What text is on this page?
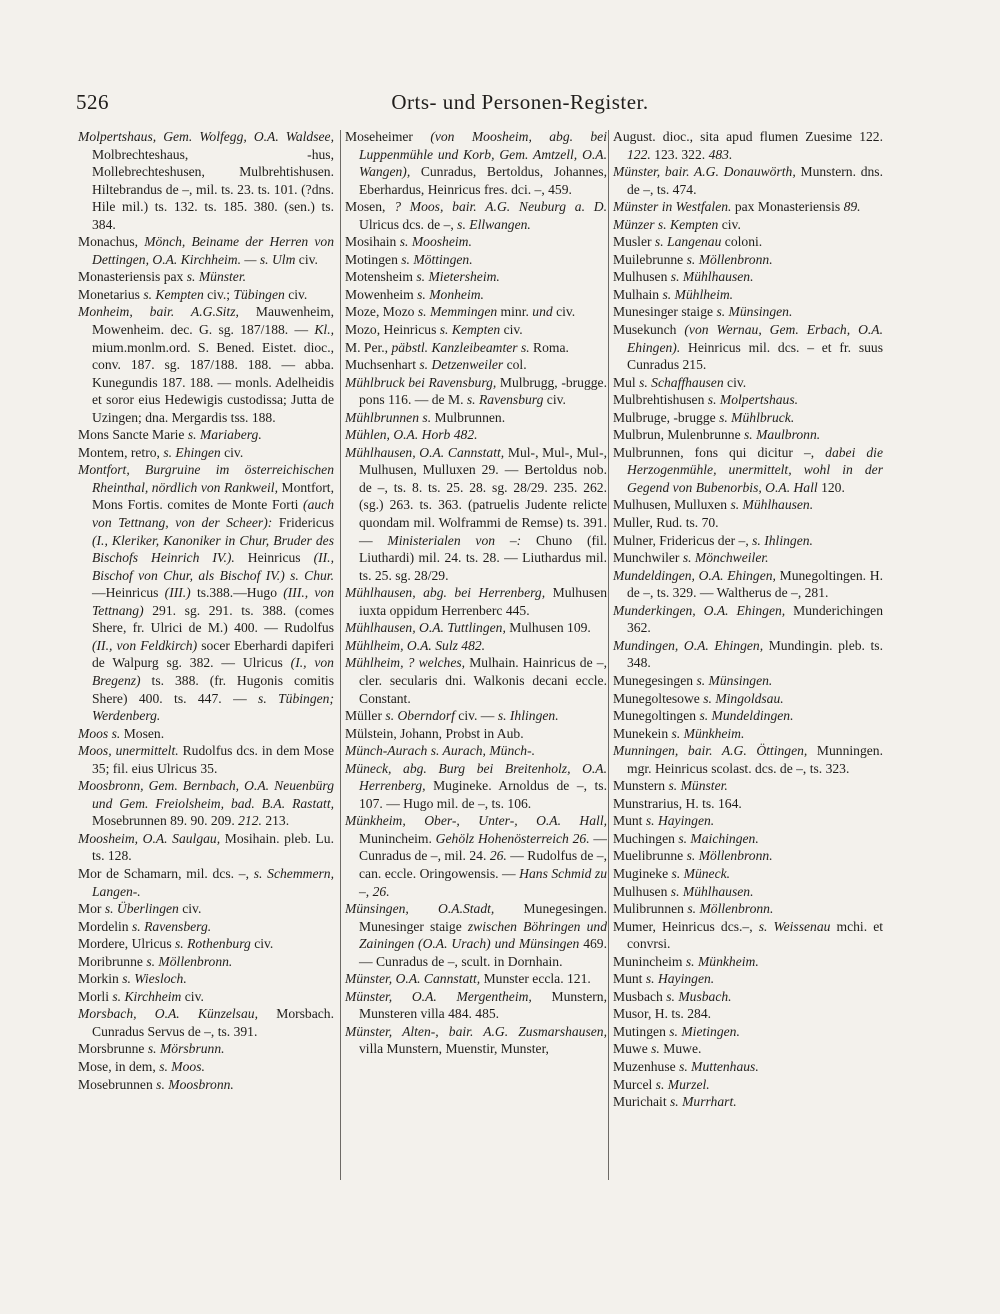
526	Orts- und Personen-Register.

Molpertshaus, Gem. Wolfegg, O.A. Waldsee, Molbrechteshaus, -hus, Mollebrechteshusen, Mulbrehtishusen. Hiltebrandus de –, mil. ts. 23. ts. 101. (?dns. Hile mil.) ts. 132. ts. 185. 380. (sen.) ts. 384.

Monachus, Mönch, Beiname der Herren von Dettingen, O.A. Kirchheim. — s. Ulm civ.

Monasteriensis pax s. Münster.

Monetarius s. Kempten civ.; Tübingen civ.

Monheim, bair. A.G.Sitz, Mauwenheim, Mowenheim. dec. G. sg. 187/188. — Kl., mium.monlm.ord. S. Bened. Eistet. dioc., conv. 187. sg. 187/188. 188. — abba. Kunegundis 187. 188. — monls. Adelheidis et soror eius Hedewigis custodissa; Jutta de Uzingen; dna. Mergardis tss. 188.

Mons Sancte Marie s. Mariaberg.

Montem, retro, s. Ehingen civ.

Montfort, Burgruine im österreichischen Rheinthal, nördlich von Rankweil, Montfort, Mons Fortis. comites de Monte Forti (auch von Tettnang, von der Scheer): Fridericus (I., Kleriker, Kanoniker in Chur, Bruder des Bischofs Heinrich IV.). Heinricus (II., Bischof von Chur, als Bischof IV.) s. Chur. —Heinricus (III.) ts.388.—Hugo (III., von Tettnang) 291. sg. 291. ts. 388. (comes Shere, fr. Ulrici de M.) 400. — Rudolfus (II., von Feldkirch) socer Eberhardi dapiferi de Walpurg sg. 382. — Ulricus (I., von Bregenz) ts. 388. (fr. Hugonis comitis Shere) 400. ts. 447. — s. Tübingen; Werdenberg.

Moos s. Mosen.

Moos, unermittelt. Rudolfus dcs. in dem Mose 35; fil. eius Ulricus 35.

Moosbronn, Gem. Bernbach, O.A. Neuenbürg und Gem. Freiolsheim, bad. B.A. Rastatt, Mosebrunnen 89. 90. 209. 212. 213.

Moosheim, O.A. Saulgau, Mosihain. pleb. Lu. ts. 128.

Mor de Schamarn, mil. dcs. –, s. Schemmern, Langen-.

Mor s. Überlingen civ.

Mordelin s. Ravensberg.

Mordere, Ulricus s. Rothenburg civ.

Moribrunne s. Möllenbronn.

Morkin s. Wiesloch.

Morli s. Kirchheim civ.

Morsbach, O.A. Künzelsau, Morsbach. Cunradus Servus de –, ts. 391.

Morsbrunne s. Mörsbrunn.

Mose, in dem, s. Moos.

Mosebrunnen s. Moosbronn.

Moseheimer (von Moosheim, abg. bei Luppenmühle und Korb, Gem. Amtzell, O.A. Wangen), Cunradus, Bertoldus, Johannes, Eberhardus, Heinricus fres. dci. –, 459.

Mosen, ? Moos, bair. A.G. Neuburg a. D. Ulricus dcs. de –, s. Ellwangen.

Mosihain s. Moosheim.

Motingen s. Möttingen.

Motensheim s. Mietersheim.

Mowenheim s. Monheim.

Moze, Mozo s. Memmingen minr. und civ.

Mozo, Heinricus s. Kempten civ.

M. Per., päbstl. Kanzleibeamter s. Roma.

Muchsenhart s. Detzenweiler col.

Mühlbruck bei Ravensburg, Mulbrugg, -brugge. pons 116. — de M. s. Ravensburg civ.

Mühlbrunnen s. Mulbrunnen.

Mühlen, O.A. Horb 482.

Mühlhausen, O.A. Cannstatt, Mul-, Mul-, Mul-, Mulhusen, Mulluxen 29. — Bertoldus nob. de –, ts. 8. ts. 25. 28. sg. 28/29. 235. 262. (sg.) 263. ts. 363. (patruelis Judente relicte quondam mil. Wolframmi de Remse) ts. 391. — Ministerialen von –: Chuno (fil. Liuthardi) mil. 24. ts. 28. — Liuthardus mil. ts. 25. sg. 28/29.

Mühlhausen, abg. bei Herrenberg, Mulhusen iuxta oppidum Herrenberc 445.

Mühlhausen, O.A. Tuttlingen, Mulhusen 109.

Mühlheim, O.A. Sulz 482.

Mühlheim, ? welches, Mulhain. Hainricus de –, cler. secularis dni. Walkonis decani eccle. Constant.

Müller s. Oberndorf civ. — s. Ihlingen.

Mülstein, Johann, Probst in Aub.

Münch-Aurach s. Aurach, Münch-.

Müneck, abg. Burg bei Breitenholz, O.A. Herrenberg, Mugineke. Arnoldus de –, ts. 107. — Hugo mil. de –, ts. 106.

Münkheim, Ober-, Unter-, O.A. Hall, Munincheim. Gehölz Hohenösterreich 26. — Cunradus de –, mil. 24. 26. — Rudolfus de –, can. eccle. Oringowensis. — Hans Schmid zu –, 26.

Münsingen, O.A.Stadt, Munegesingen. Munesinger staige zwischen Böhringen und Zainingen (O.A. Urach) und Münsingen 469. — Cunradus de –, scult. in Dornhain.

Münster, O.A. Cannstatt, Munster eccla. 121.

Münster, O.A. Mergentheim, Munstern, Munsteren villa 484. 485.

Münster, Alten-, bair. A.G. Zusmarshausen, villa Munstern, Muenstir, Munster,

August. dioc., sita apud flumen Zuesime 122. 122. 123. 322. 483.

Münster, bair. A.G. Donauwörth, Munstern. dns. de –, ts. 474.

Münster in Westfalen. pax Monasteriensis 89.

Münzer s. Kempten civ.

Musler s. Langenau coloni.

Muilebrunne s. Möllenbronn.

Mulhusen s. Mühlhausen.

Mulhain s. Mühlheim.

Munesinger staige s. Münsingen.

Musekunch (von Wernau, Gem. Erbach, O.A. Ehingen). Heinricus mil. dcs. – et fr. suus Cunradus 215.

Mul s. Schaffhausen civ.

Mulbrehtishusen s. Molpertshaus.

Mulbruge, -brugge s. Mühlbruck.

Mulbrun, Mulenbrunne s. Maulbronn.

Mulbrunnen, fons qui dicitur –, dabei die Herzogenmühle, unermittelt, wohl in der Gegend von Bubenorbis, O.A. Hall 120.

Mulhusen, Mulluxen s. Mühlhausen.

Muller, Rud. ts. 70.

Mulner, Fridericus der –, s. Ihlingen.

Munchwiler s. Mönchweiler.

Mundeldingen, O.A. Ehingen, Munegoltingen. H. de –, ts. 329. — Waltherus de –, 281.

Munderkingen, O.A. Ehingen, Munderichingen 362.

Mundingen, O.A. Ehingen, Mundingin. pleb. ts. 348.

Munegesingen s. Münsingen.

Munegoltesowe s. Mingoldsau.

Munegoltingen s. Mundeldingen.

Munekein s. Münkheim.

Munningen, bair. A.G. Öttingen, Munningen. mgr. Heinricus scolast. dcs. de –, ts. 323.

Munstern s. Münster.

Munstrarius, H. ts. 164.

Munt s. Hayingen.

Muchingen s. Maichingen.

Muelibrunne s. Möllenbronn.

Mugineke s. Müneck.

Mulhusen s. Mühlhausen.

Mulibrunnen s. Möllenbronn.

Mumer, Heinricus dcs.–, s. Weissenau mchi. et convrsi.

Munincheim s. Münkheim.

Munt s. Hayingen.

Musbach s. Musbach.

Musor, H. ts. 284.

Mutingen s. Mietingen.

Muwe s. Muwe.

Muzenhuse s. Muttenhaus.

Murcel s. Murzel.

Murichait s. Murrhart.
